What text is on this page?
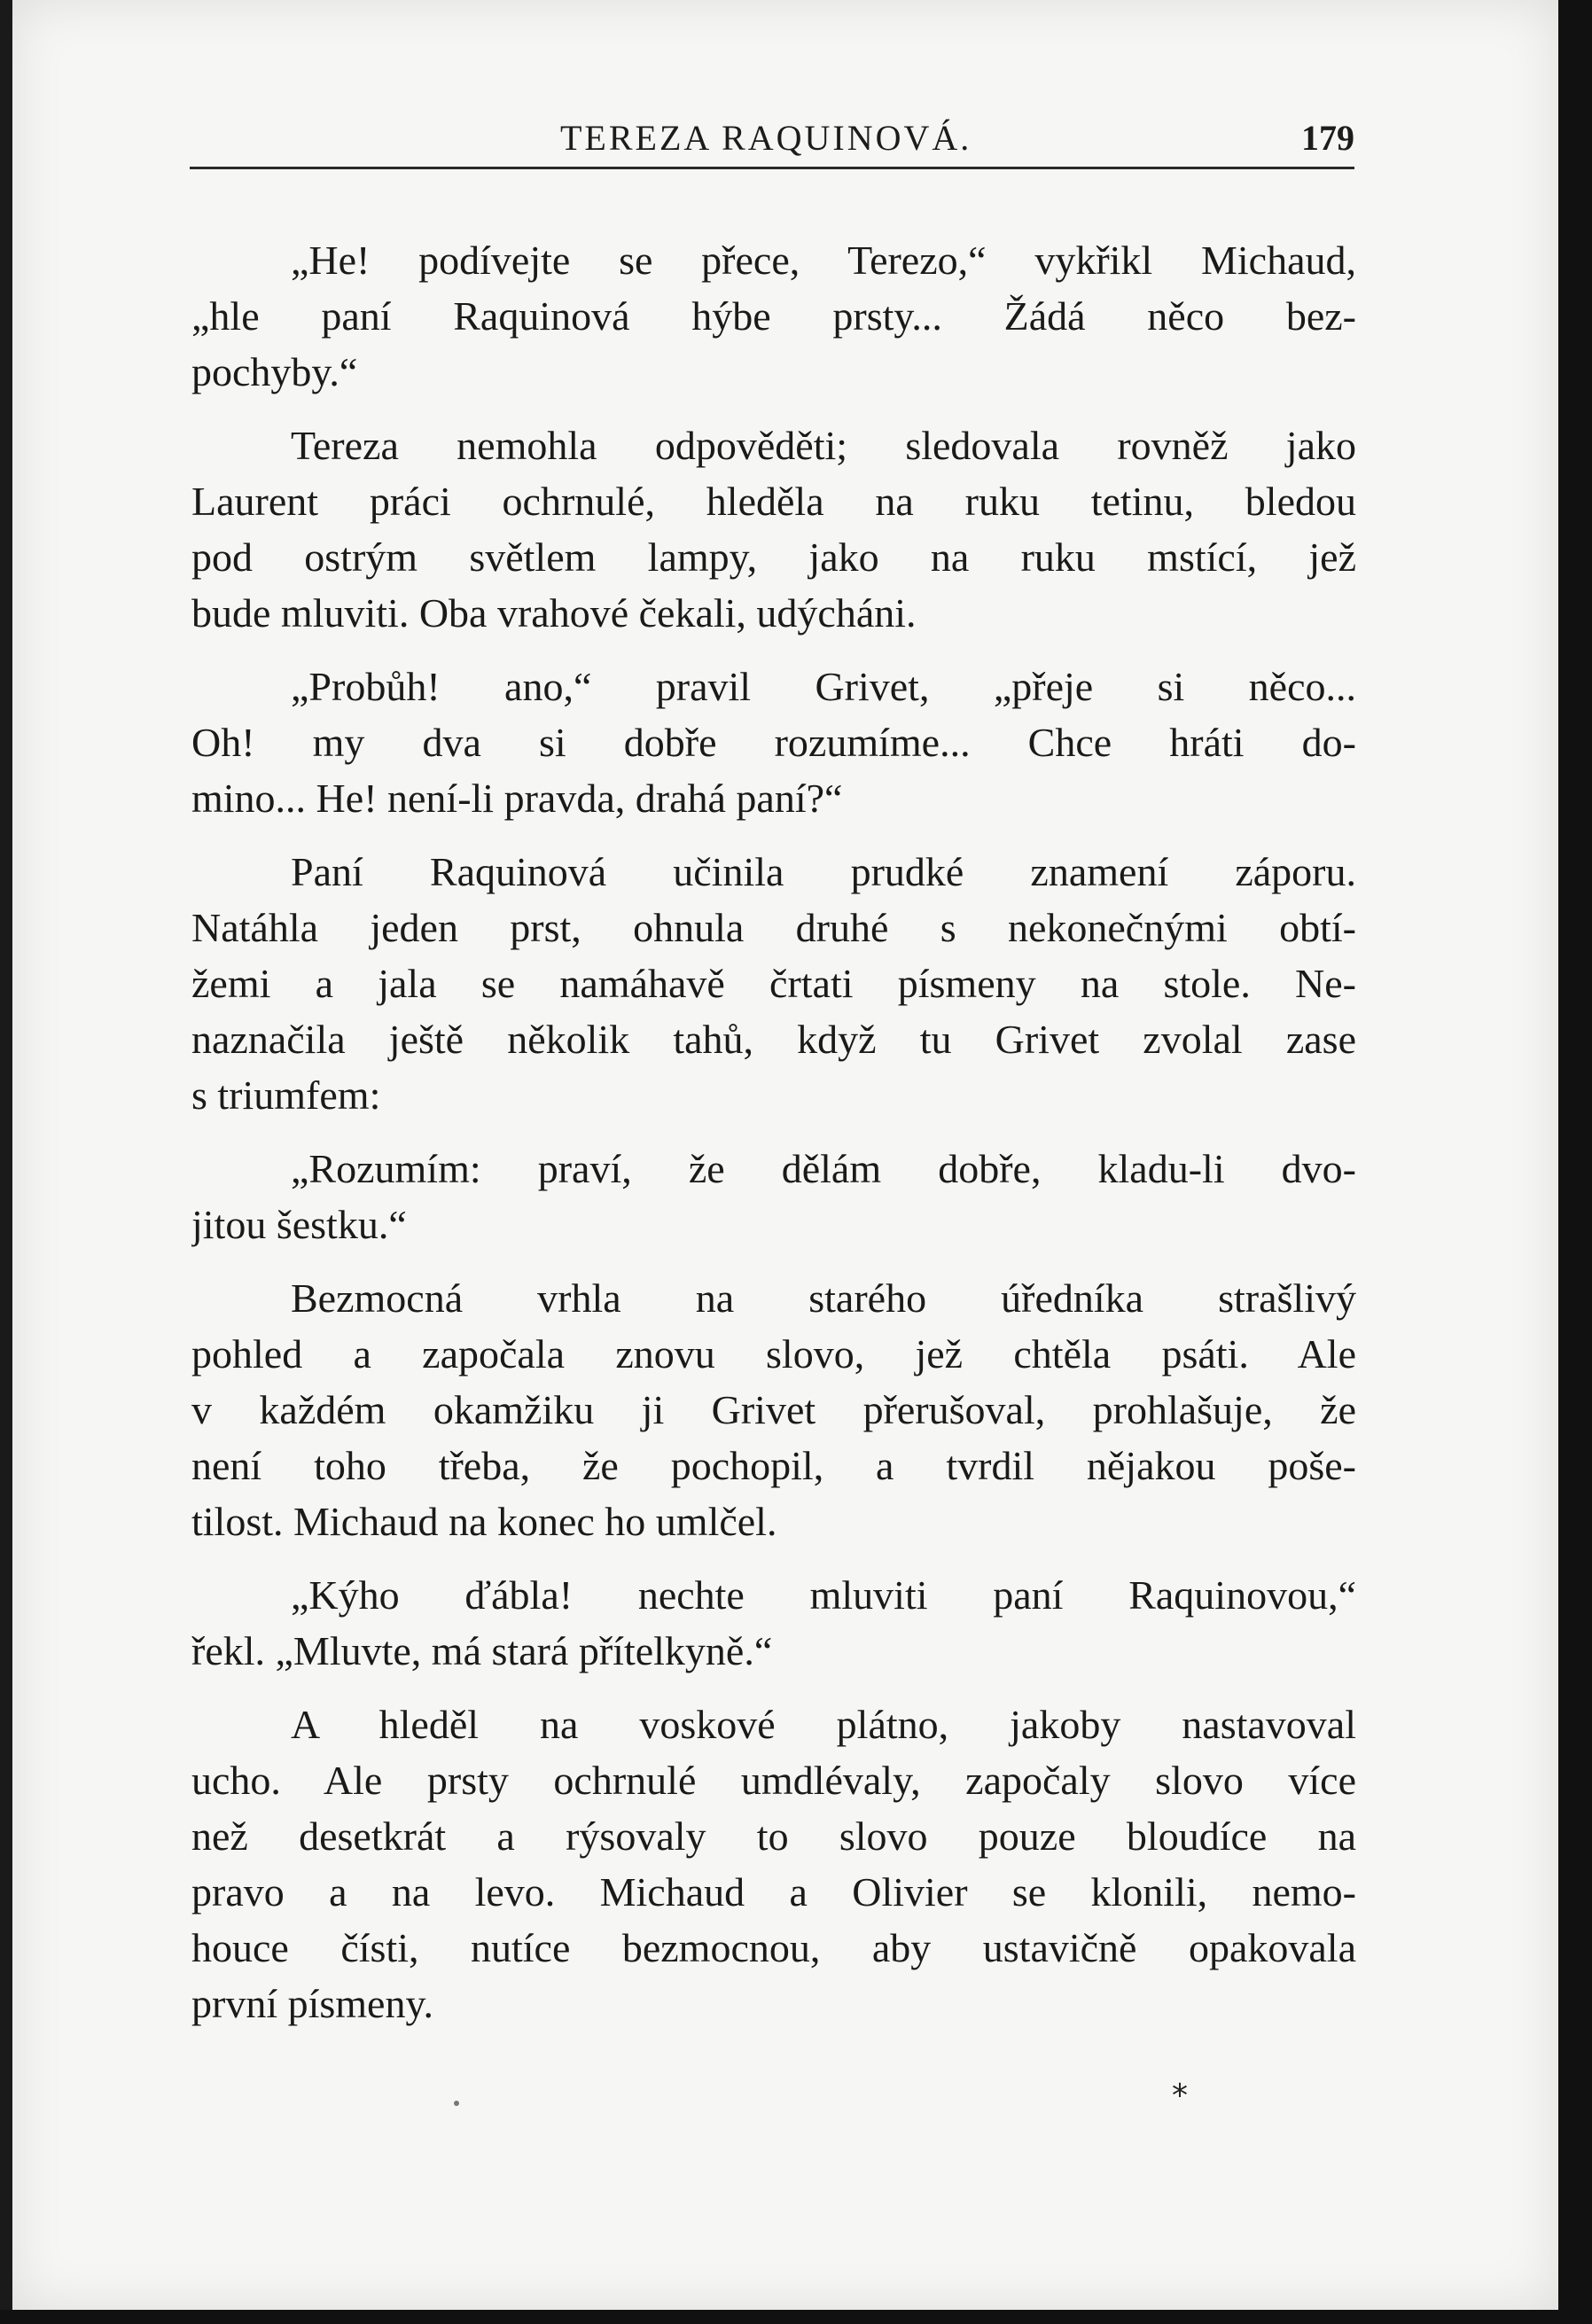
TEREZA RAQUINOVÁ.	179
„He! podívejte se přece, Terezo,“ vykřikl Michaud,
„hle paní Raquinová hýbe prsty... Žádá něco bez-
pochyby.“
Tereza nemohla odpověděti; sledovala rovněž jako
Laurent práci ochrnulé, hleděla na ruku tetinu, bledou
pod ostrým světlem lampy, jako na ruku mstící, jež
bude mluviti. Oba vrahové čekali, udýcháni.
„Probůh! ano,“ pravil Grivet, „přeje si něco...
Oh! my dva si dobře rozumíme... Chce hráti do-
mino... He! není-li pravda, drahá paní?“
Paní Raquinová učinila prudké znamení záporu.
Natáhla jeden prst, ohnula druhé s nekonečnými obtí-
žemi a jala se namáhavě črtati písmeny na stole. Ne-
naznačila ještě několik tahů, když tu Grivet zvolal zase
s triumfem:
„Rozumím: praví, že dělám dobře, kladu-li dvo-
jitou šestku.“
Bezmocná vrhla na starého úředníka strašlivý
pohled a započala znovu slovo, jež chtěla psáti. Ale
v každém okamžiku ji Grivet přerušoval, prohlašuje, že
není toho třeba, že pochopil, a tvrdil nějakou poše-
tilost. Michaud na konec ho umlčel.
„Kýho ďábla! nechte mluviti paní Raquinovou,“
řekl. „Mluvte, má stará přítelkyně.“
A hleděl na voskové plátno, jakoby nastavoval
ucho. Ale prsty ochrnulé umdlévaly, započaly slovo více
než desetkrát a rýsovaly to slovo pouze bloudíce na
pravo a na levo. Michaud a Olivier se klonili, nemo-
houce čísti, nutíce bezmocnou, aby ustavičně opakovala
první písmeny.
*
